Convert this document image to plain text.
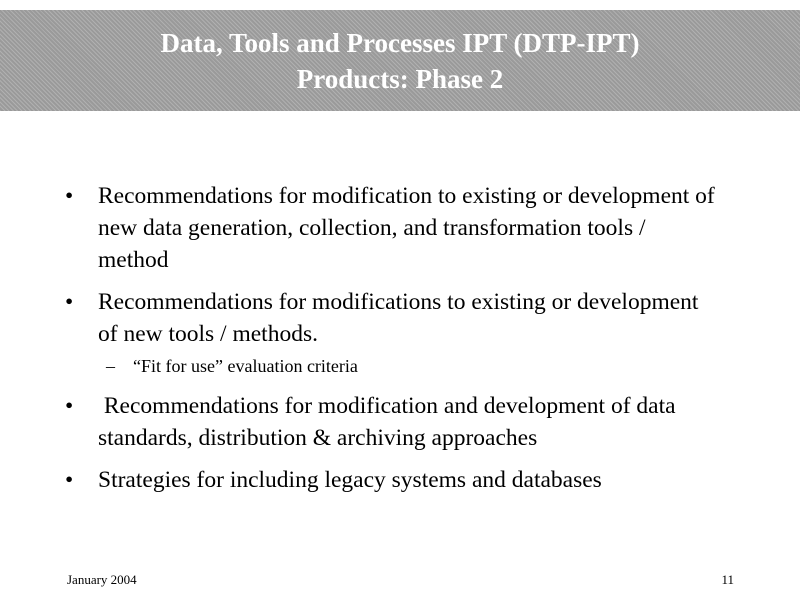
Data, Tools and Processes IPT (DTP-IPT)
Products: Phase 2
• Recommendations for modification to existing or development of new data generation, collection, and transformation tools / method
• Recommendations for modifications to existing or development of new tools / methods.
– “Fit for use” evaluation criteria
• Recommendations for modification and development of data standards, distribution & archiving approaches
• Strategies for including legacy systems and databases
January 2004	11
